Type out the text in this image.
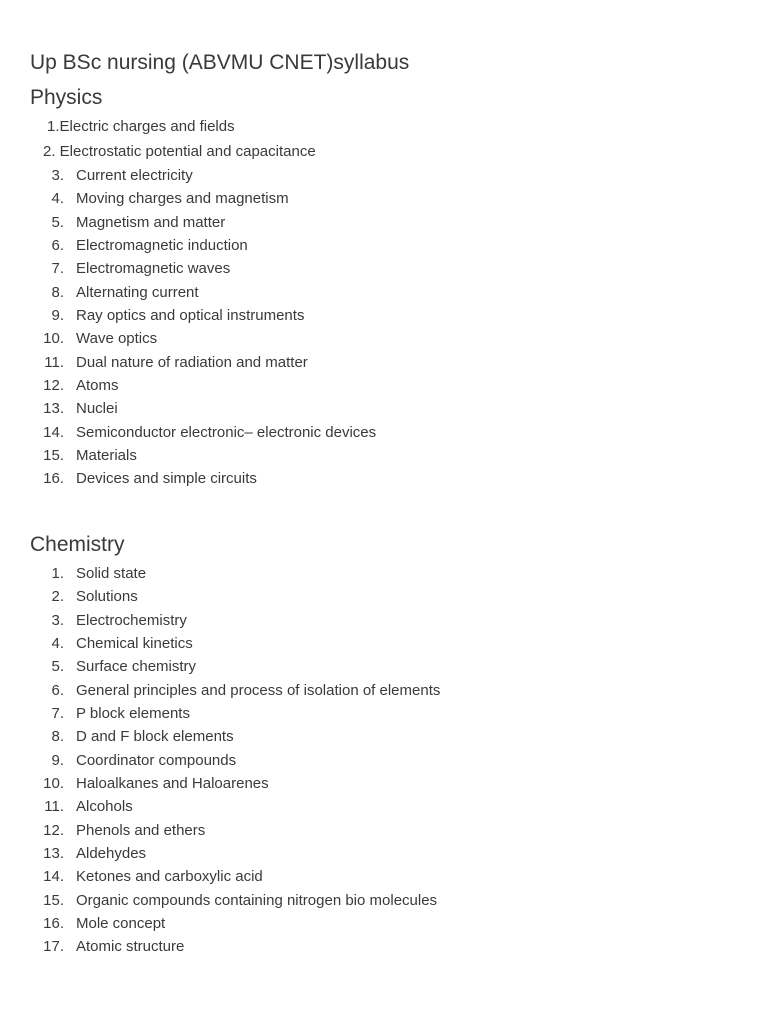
Up BSc nursing (ABVMU CNET)syllabus
Physics
1.Electric charges and fields
2. Electrostatic potential and capacitance
3. Current electricity
4. Moving charges and magnetism
5. Magnetism and matter
6. Electromagnetic induction
7. Electromagnetic waves
8. Alternating current
9. Ray optics and optical instruments
10. Wave optics
11. Dual nature of radiation and matter
12. Atoms
13. Nuclei
14. Semiconductor electronic– electronic devices
15. Materials
16. Devices and simple circuits
Chemistry
1. Solid state
2. Solutions
3. Electrochemistry
4. Chemical kinetics
5. Surface chemistry
6. General principles and process of isolation of elements
7. P block elements
8. D and F block elements
9. Coordinator compounds
10. Haloalkanes and Haloarenes
11. Alcohols
12. Phenols and ethers
13. Aldehydes
14. Ketones and carboxylic acid
15. Organic compounds containing nitrogen bio molecules
16. Mole concept
17. Atomic structure
